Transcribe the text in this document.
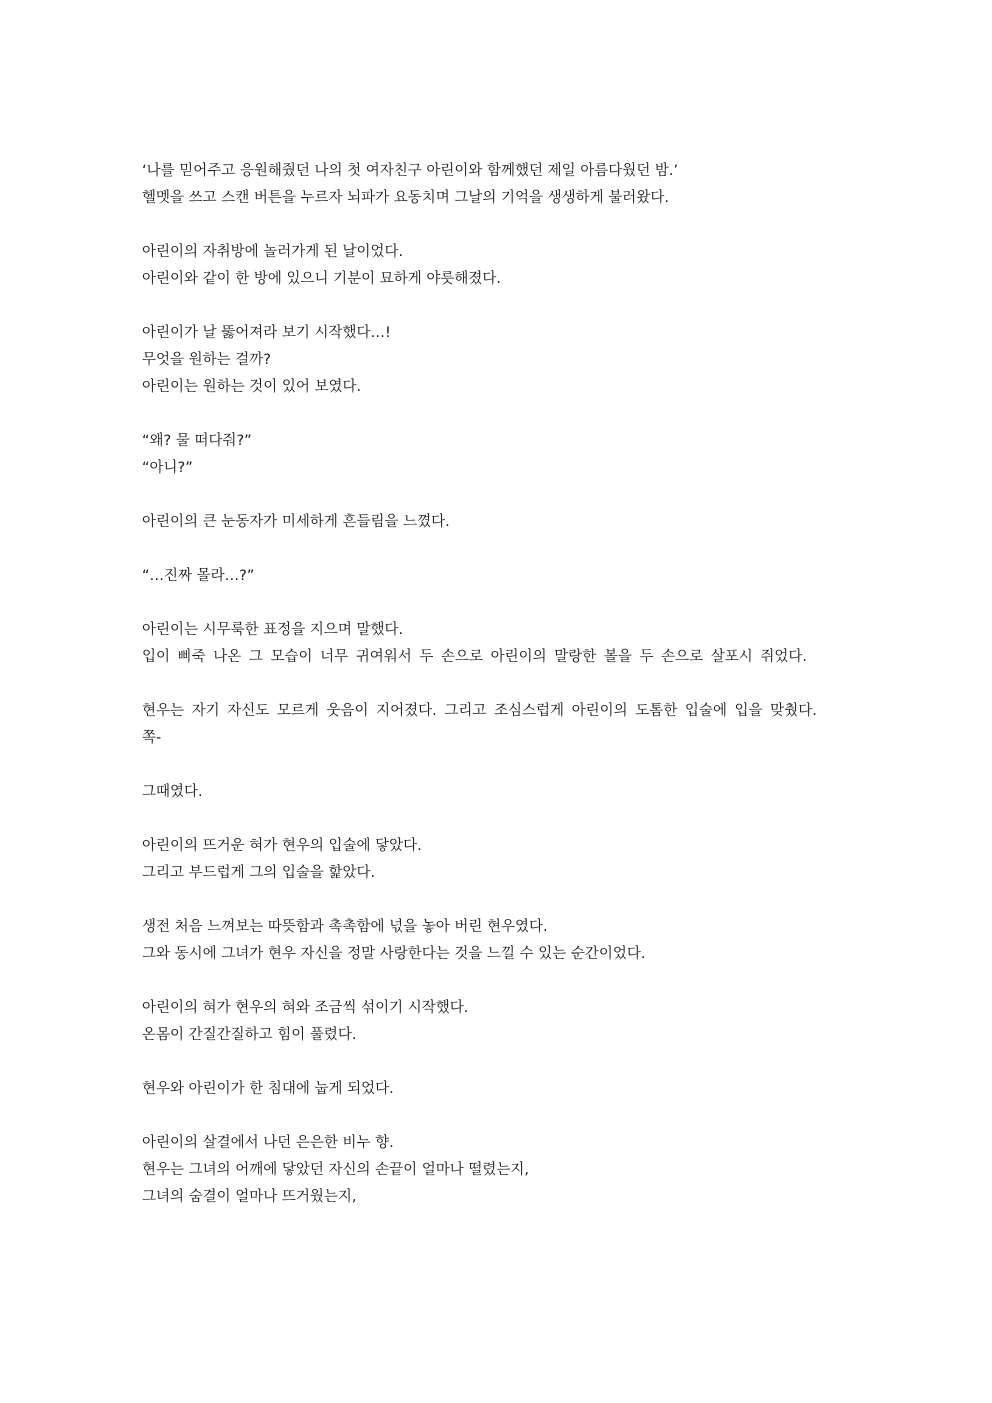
‘나를 믿어주고 응원해줬던 나의 첫 여자친구 아린이와 함께했던 제일 아름다웠던 밤.’
헬멧을 쓰고 스캔 버튼을 누르자 뇌파가 요동치며 그날의 기억을 생생하게 불러왔다.
아린이의 자취방에 놀러가게 된 날이었다.
아린이와 같이 한 방에 있으니 기분이 묘하게 야릇해졌다.
아린이가 날 뚫어져라 보기 시작했다…!
무엇을 원하는 걸까?
아린이는 원하는 것이 있어 보였다.
“왜? 물 떠다줘?”
“아니?”
아린이의 큰 눈동자가 미세하게 흔들림을 느꼈다.
“…진짜 몰라…?”
아린이는 시무룩한 표정을 지으며 말했다.
입이 삐죽 나온 그 모습이 너무 귀여워서 두 손으로 아린이의 말랑한 볼을 두 손으로 살포시 쥐었다.
현우는 자기 자신도 모르게 웃음이 지어졌다. 그리고 조심스럽게 아린이의 도톰한 입술에 입을 맞췄다.
쪽-
그때였다.
아린이의 뜨거운 혀가 현우의 입술에 닿았다.
그리고 부드럽게 그의 입술을 핥았다.
생전 처음 느껴보는 따뜻함과 촉촉함에 넋을 놓아 버린 현우였다.
그와 동시에 그녀가 현우 자신을 정말 사랑한다는 것을 느낄 수 있는 순간이었다.
아린이의 혀가 현우의 혀와 조금씩 섞이기 시작했다.
온몸이 간질간질하고 힘이 풀렸다.
현우와 아린이가 한 침대에 눕게 되었다.
아린이의 살결에서 나던 은은한 비누 향.
현우는 그녀의 어깨에 닿았던 자신의 손끝이 얼마나 떨렸는지,
그녀의 숨결이 얼마나 뜨거웠는지,
